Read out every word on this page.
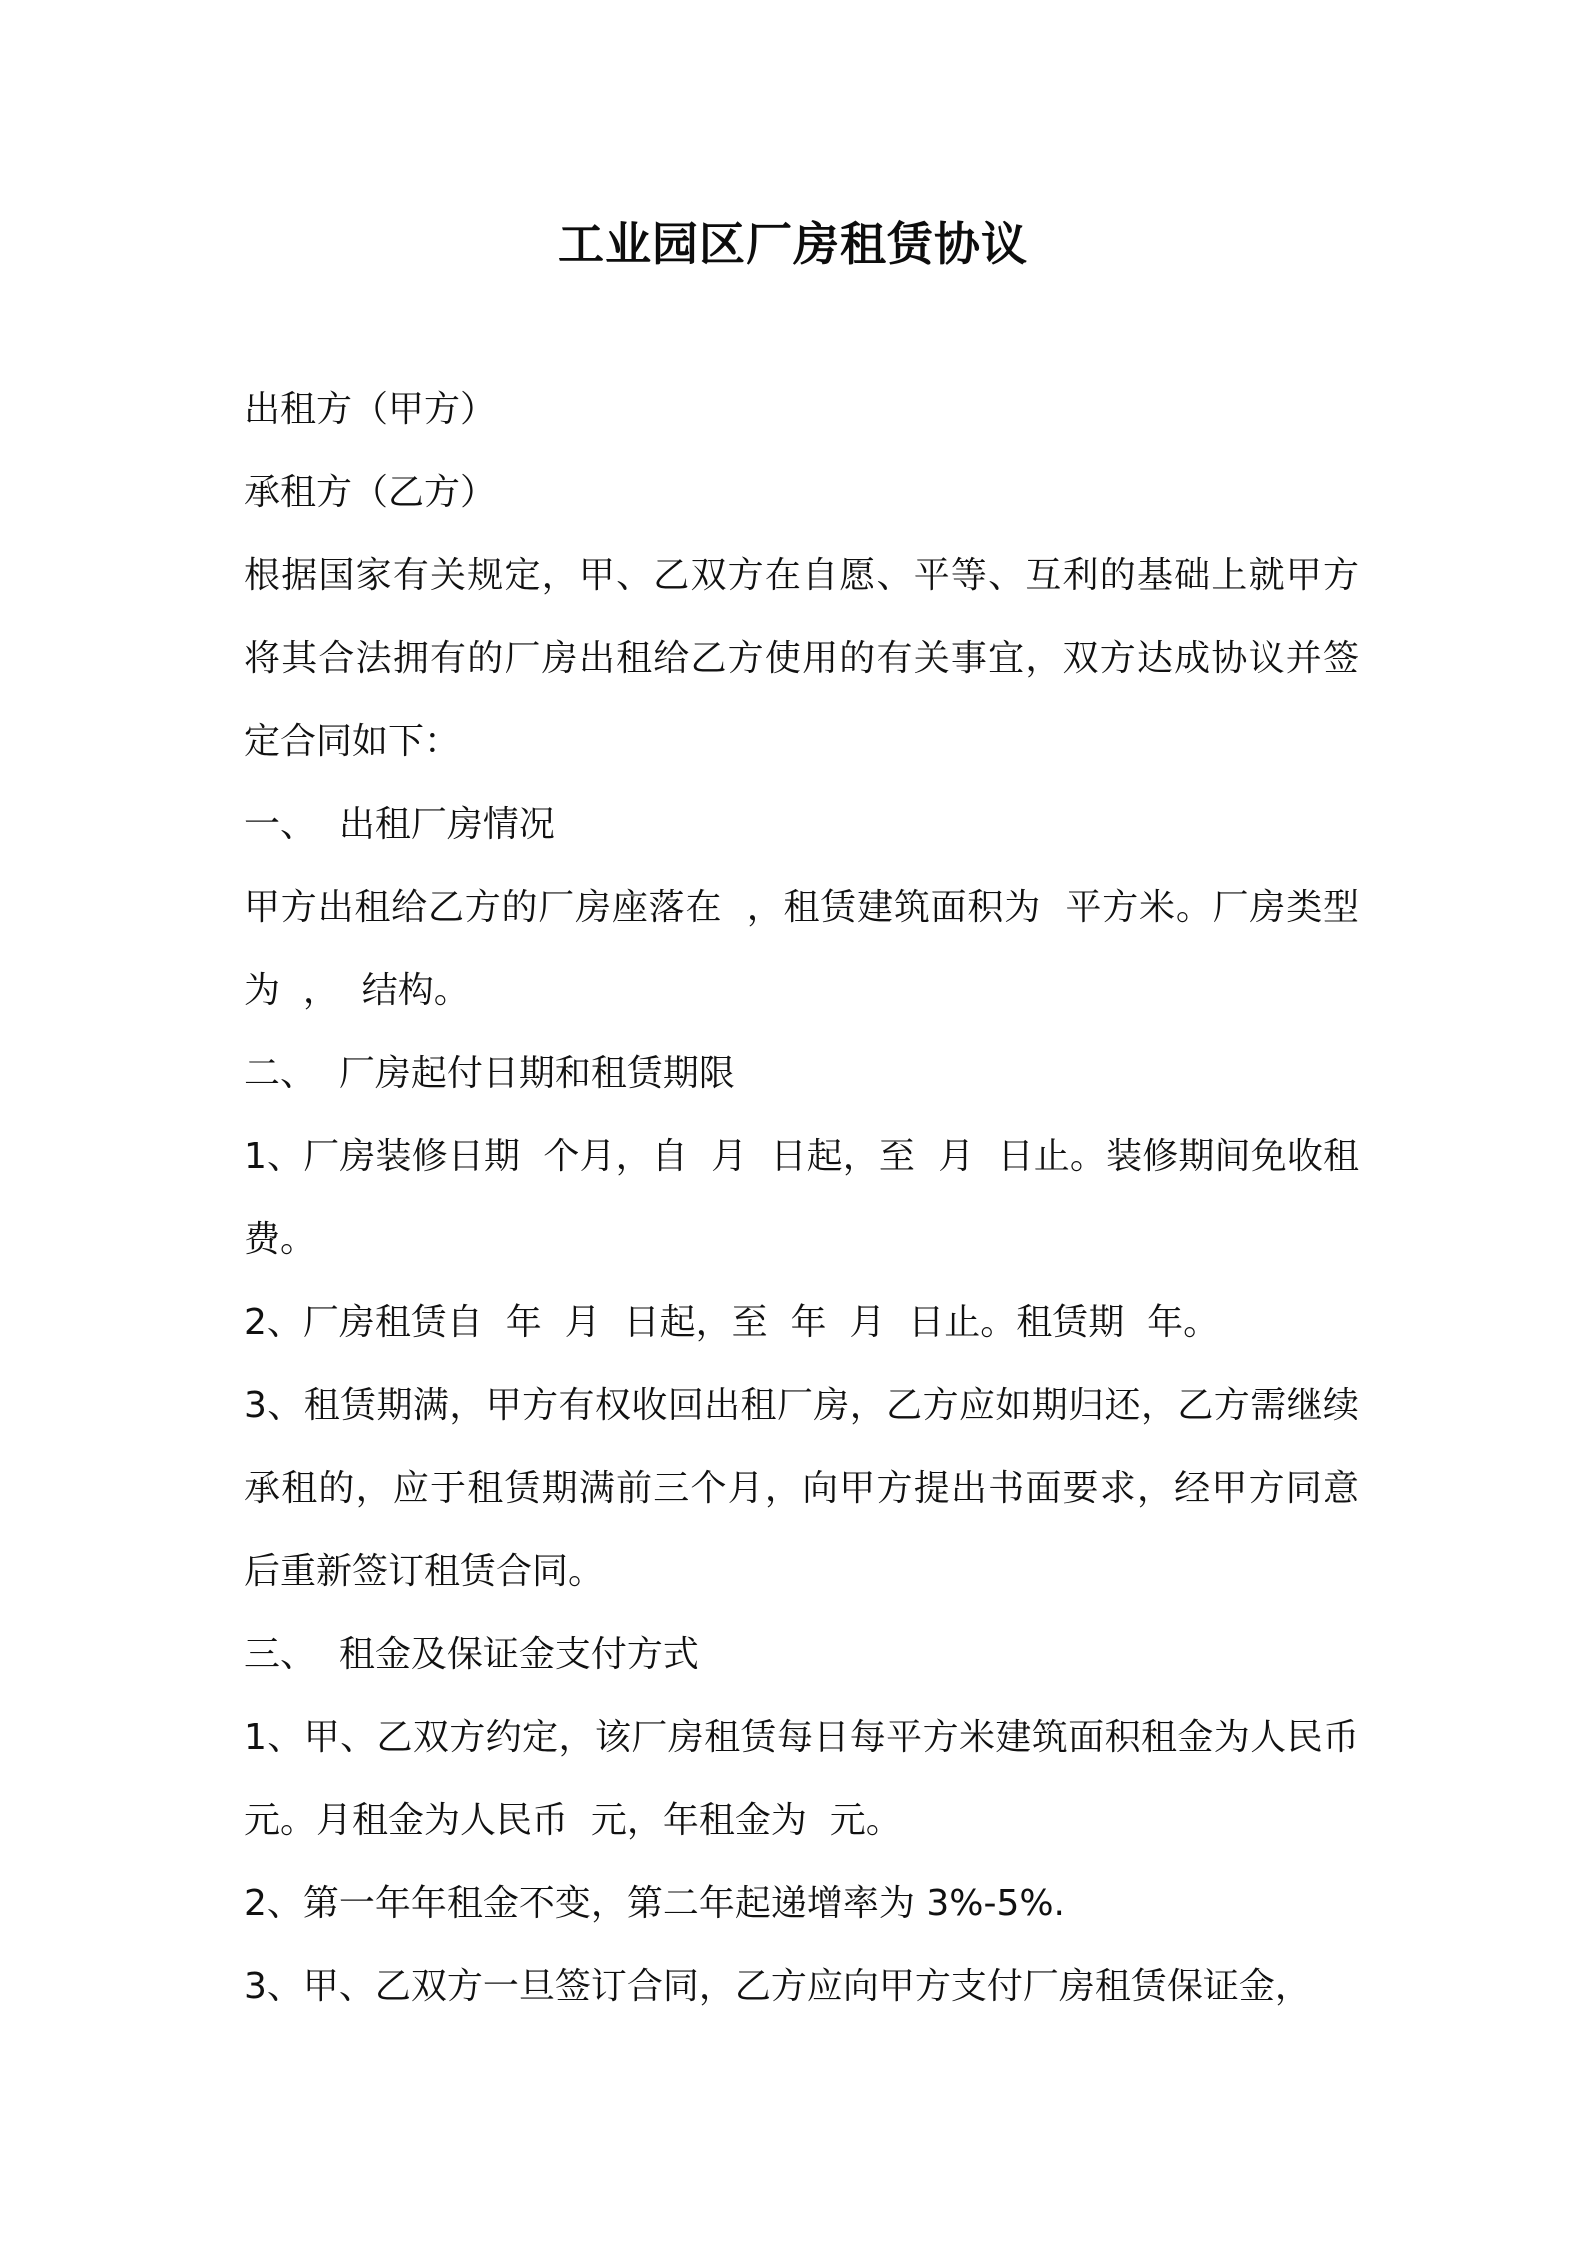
工业园区厂房租赁协议

出租方（甲方）

承租方（乙方）

根据国家有关规定，甲、乙双方在自愿、平等、互利的基础上就甲方将其合法拥有的厂房出租给乙方使用的有关事宜，双方达成协议并签定合同如下：

一、  出租厂房情况

甲方出租给乙方的厂房座落在  ，租赁建筑面积为  平方米。厂房类型为  ，  结构。

二、  厂房起付日期和租赁期限

1、厂房装修日期  个月，自  月  日起，至  月  日止。装修期间免收租费。

2、厂房租赁自  年  月  日起，至  年  月  日止。租赁期  年。

3、租赁期满，甲方有权收回出租厂房，乙方应如期归还，乙方需继续承租的，应于租赁期满前三个月，向甲方提出书面要求，经甲方同意后重新签订租赁合同。

三、  租金及保证金支付方式

1、甲、乙双方约定，该厂房租赁每日每平方米建筑面积租金为人民币  元。月租金为人民币  元，年租金为  元。

2、第一年年租金不变，第二年起递增率为 3%-5%.

3、甲、乙双方一旦签订合同，乙方应向甲方支付厂房租赁保证金，
